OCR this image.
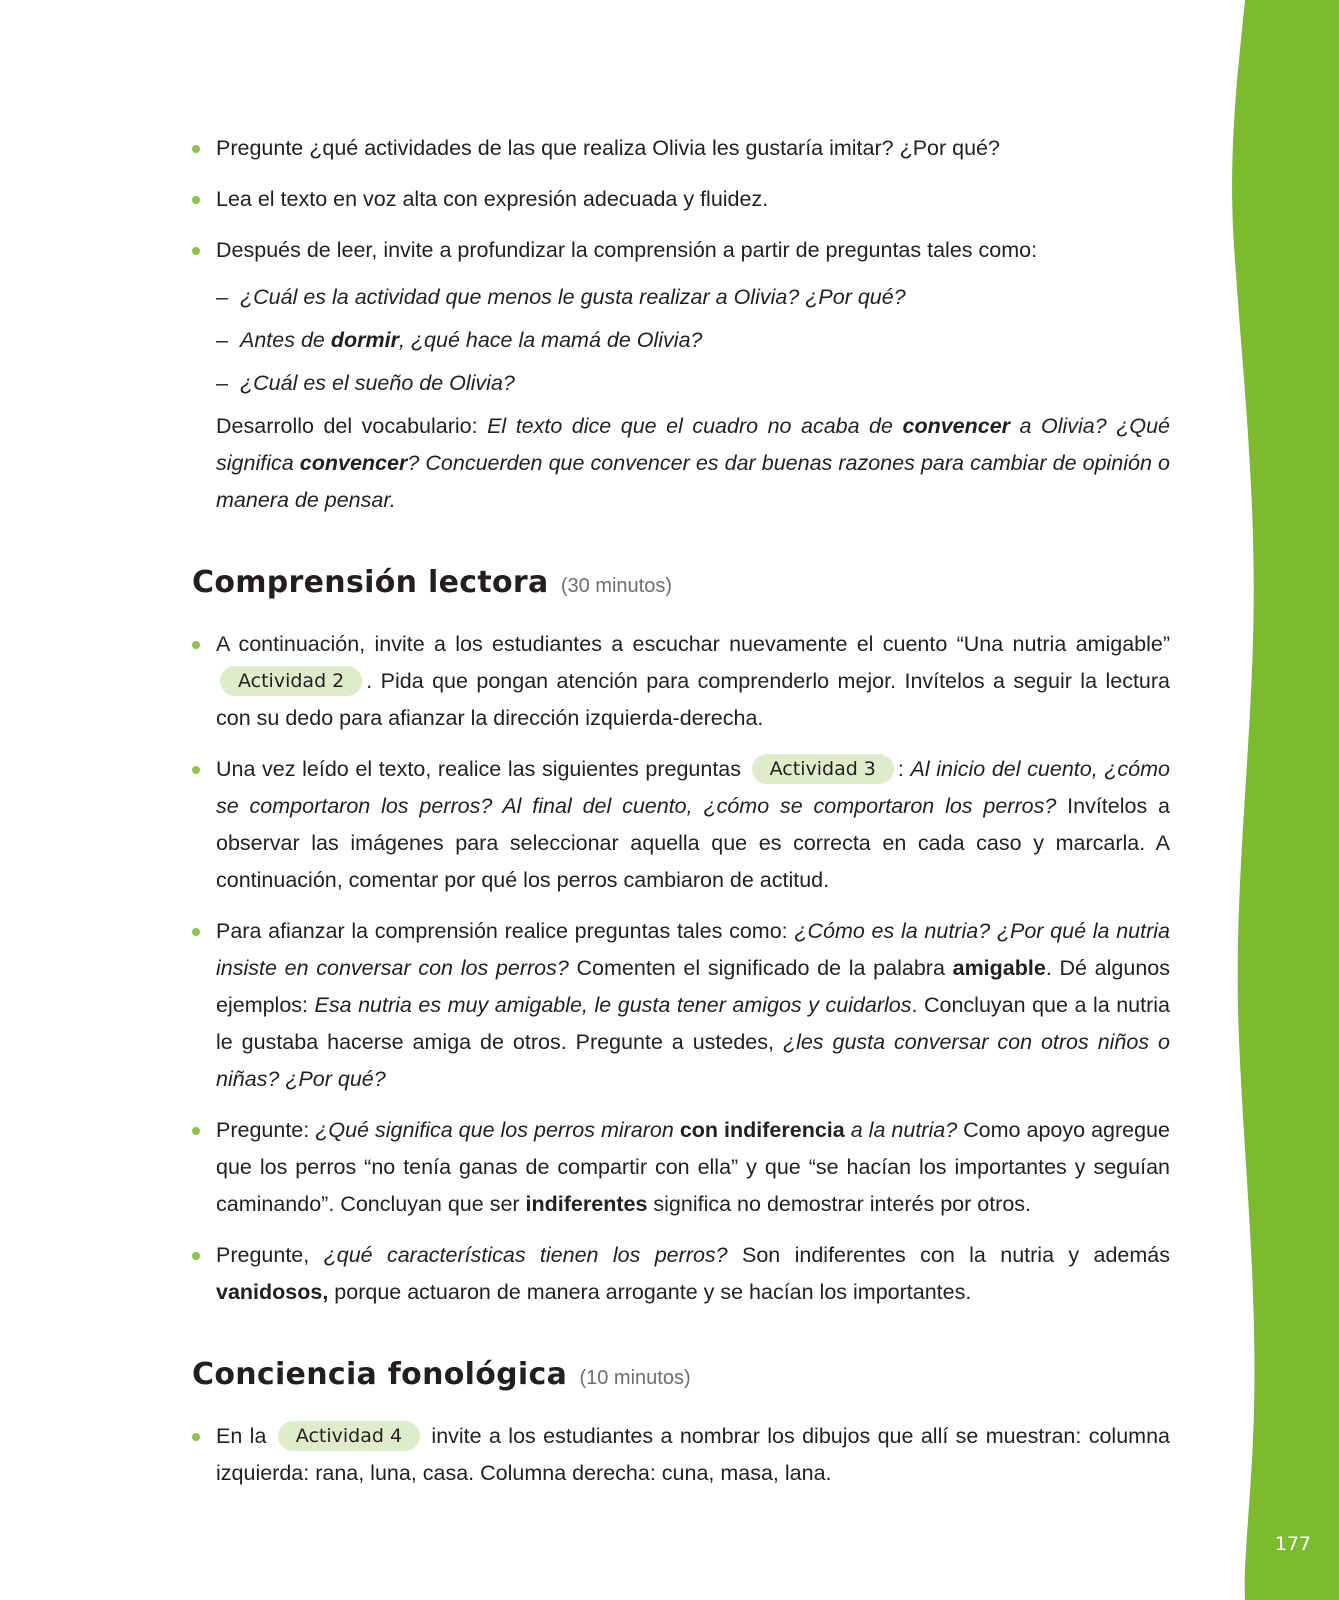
177
Pregunte ¿qué actividades de las que realiza Olivia les gustaría imitar? ¿Por qué?
Lea el texto en voz alta con expresión adecuada y fluidez.
Después de leer, invite a profundizar la comprensión a partir de preguntas tales como:
– ¿Cuál es la actividad que menos le gusta realizar a Olivia? ¿Por qué?
– Antes de dormir, ¿qué hace la mamá de Olivia?
– ¿Cuál es el sueño de Olivia?
Desarrollo del vocabulario: El texto dice que el cuadro no acaba de convencer a Olivia? ¿Qué significa convencer? Concuerden que convencer es dar buenas razones para cambiar de opinión o manera de pensar.
Comprensión lectora (30 minutos)
A continuación, invite a los estudiantes a escuchar nuevamente el cuento “Una nutria amigable” Actividad 2 . Pida que pongan atención para comprenderlo mejor. Invítelos a seguir la lectura con su dedo para afianzar la dirección izquierda-derecha.
Una vez leído el texto, realice las siguientes preguntas Actividad 3 : Al inicio del cuento, ¿cómo se comportaron los perros? Al final del cuento, ¿cómo se comportaron los perros? Invítelos a observar las imágenes para seleccionar aquella que es correcta en cada caso y marcarla. A continuación, comentar por qué los perros cambiaron de actitud.
Para afianzar la comprensión realice preguntas tales como: ¿Cómo es la nutria? ¿Por qué la nutria insiste en conversar con los perros? Comenten el significado de la palabra amigable. Dé algunos ejemplos: Esa nutria es muy amigable, le gusta tener amigos y cuidarlos. Concluyan que a la nutria le gustaba hacerse amiga de otros. Pregunte a ustedes, ¿les gusta conversar con otros niños o niñas? ¿Por qué?
Pregunte: ¿Qué significa que los perros miraron con indiferencia a la nutria? Como apoyo agregue que los perros “no tenía ganas de compartir con ella” y que “se hacían los importantes y seguían caminando”. Concluyan que ser indiferentes significa no demostrar interés por otros.
Pregunte, ¿qué características tienen los perros? Son indiferentes con la nutria y además vanidosos, porque actuaron de manera arrogante y se hacían los importantes.
Conciencia fonológica (10 minutos)
En la Actividad 4 invite a los estudiantes a nombrar los dibujos que allí se muestran: columna izquierda: rana, luna, casa. Columna derecha: cuna, masa, lana.
